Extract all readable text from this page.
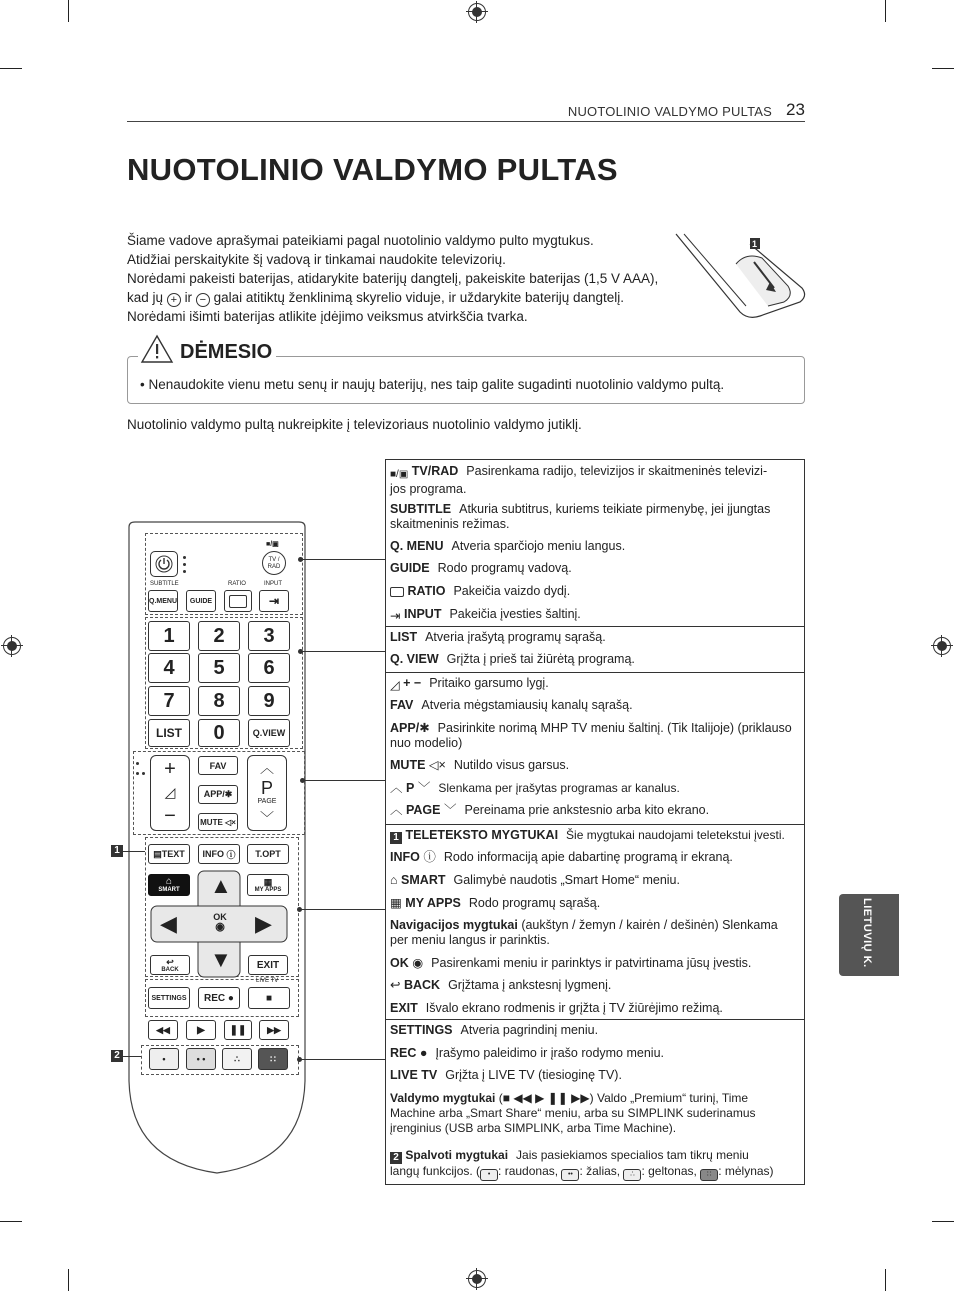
NUOTOLINIO VALDYMO PULTAS 23
NUOTOLINIO VALDYMO PULTAS

Šiame vadove aprašymai pateikiami pagal nuotolinio valdymo pulto mygtukus.

Atidžiai perskaitykite šį vadovą ir tinkamai naudokite televizorių.

Norėdami pakeisti baterijas, atidarykite baterijų dangtelį, pakeiskite baterijas (1,5 V AAA),

kad jų + ir − galai atitiktų ženklinimą skyrelio viduje, ir uždarykite baterijų dangtelį.

Norėdami išimti baterijas atlikite įdėjimo veiksmus atvirkščia tvarka.

1
DĖMESIO
• Nenaudokite vienu metu senų ir naujų baterijų, nes taip galite sugadinti nuotolinio valdymo pultą.
Nuotolinio valdymo pultą nukreipkite į televizoriaus nuotolinio valdymo jutiklį.
■/▣
TV / RAD
SUBTITLE	RATIO	INPUT
Q.MENU	GUIDE	⇥
1	2	3
4	5	6
7	8	9
LIST	0	Q.VIEW
+
◿
−
FAV
APP/✱
MUTE ◁×
︿
P
PAGE
﹀
1	▤ TEXT INFO ⓘ	T.OPT
⌂
SMART
▦
MY APPS
▲
▼
◀	▶
OK
◉
↩
BACK	EXIT
SETTINGS	REC ●
LIVE TV
■
◀◀	▶ ❚❚ ▶▶
2	•	• •	∴	∷
■/▣ TV/RAD Pasirenkama radijo, televizijos ir skaitmeninės televizi-
jos programa.
SUBTITLE Atkuria subtitrus, kuriems teikiate pirmenybę, jei įjungtas
skaitmeninis režimas.
Q. MENU Atveria sparčiojo meniu langus.
GUIDE Rodo programų vadovą.
RATIO Pakeičia vaizdo dydį.
⇥ INPUT Pakeičia įvesties šaltinį.
LIST Atveria įrašytą programų sąrašą.
Q. VIEW Grįžta į prieš tai žiūrėtą programą.
◿ + − Pritaiko garsumo lygį.
FAV Atveria mėgstamiausių kanalų sąrašą.
APP/✱ Pasirinkite norimą MHP TV meniu šaltinį. (Tik Italijoje) (priklauso
nuo modelio)
MUTE ◁× Nutildo visus garsus.
︿ P ﹀ Slenkama per įrašytas programas ar kanalus.
︿ PAGE ﹀ Pereinama prie ankstesnio arba kito ekrano.
1 TELETEKSTO MYGTUKAI Šie mygtukai naudojami teletekstui įvesti.
INFO ⓘ Rodo informaciją apie dabartinę programą ir ekraną.
⌂ SMART Galimybė naudotis „Smart Home“ meniu.
▦ MY APPS Rodo programų sąrašą.
Navigacijos mygtukai (aukštyn / žemyn / kairėn / dešinėn) Slenkama
per meniu langus ir parinktis.
OK ◉ Pasirenkami meniu ir parinktys ir patvirtinama jūsų įvestis.
↩ BACK Grįžtama į ankstesnį lygmenį.
EXIT Išvalo ekrano rodmenis ir grįžta į TV žiūrėjimo režimą.
SETTINGS Atveria pagrindinį meniu.
REC ● Įrašymo paleidimo ir įrašo rodymo meniu.
LIVE TV Grįžta į LIVE TV (tiesioginę TV).
Valdymo mygtukai (■ ◀◀ ▶ ❚❚ ▶▶) Valdo „Premium“ turinį, Time
Machine arba „Smart Share“ meniu, arba su SIMPLINK suderinamus
įrenginius (USB arba SIMPLINK, arba Time Machine).
2 Spalvoti mygtukai Jais pasiekiamos specialios tam tikrų meniu
langų funkcijos. ( • : raudonas, •• : žalias, ∴ : geltonas, ∷ : mėlynas)
LIETUVIŲ K.
